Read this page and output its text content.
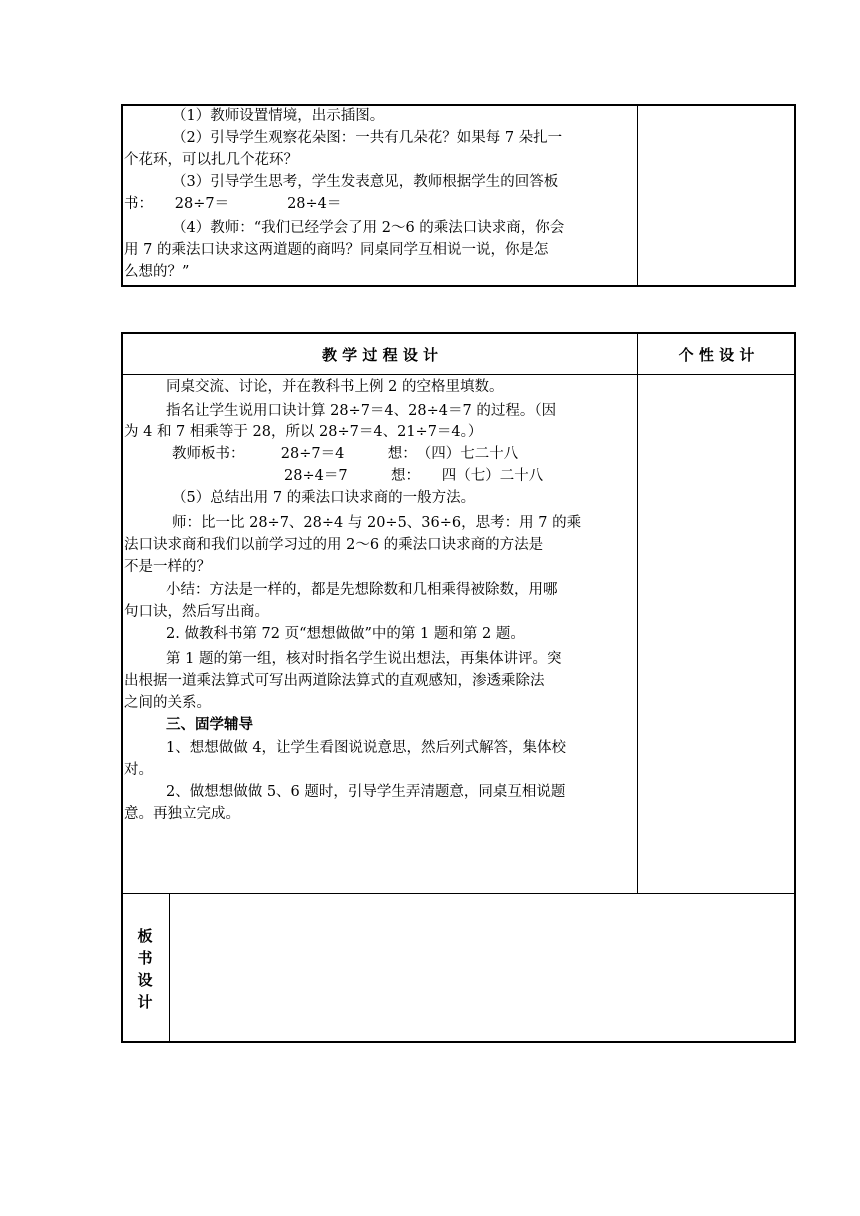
（1）教师设置情境，出示插图。
（2）引导学生观察花朵图：一共有几朵花？如果每 7 朵扎一
个花环，可以扎几个花环？
（3）引导学生思考，学生发表意见，教师根据学生的回答板
书：　　28÷7＝　　　　28÷4＝
（4）教师：“我们已经学会了用 2～6 的乘法口诀求商，你会
用 7 的乘法口诀求这两道题的商吗？同桌同学互相说一说，你是怎
么想的？”
教 学 过 程 设 计	个 性 设 计
同桌交流、讨论，并在教科书上例 2 的空格里填数。
指名让学生说用口诀计算 28÷7＝4、28÷4＝7 的过程。（因
为 4 和 7 相乘等于 28，所以 28÷7＝4、21÷7＝4。）
教师板书：　　　28÷7＝4　　　想：　（四）七二十八
28÷4＝7　　　想：　　四（七）二十八
（5）总结出用 7 的乘法口诀求商的一般方法。
师：比一比 28÷7、28÷4 与 20÷5、36÷6，思考：用 7 的乘
法口诀求商和我们以前学习过的用 2～6 的乘法口诀求商的方法是
不是一样的？
小结：方法是一样的，都是先想除数和几相乘得被除数，用哪
句口诀，然后写出商。
2. 做教科书第 72 页“想想做做”中的第 1 题和第 2 题。
第 1 题的第一组，核对时指名学生说出想法，再集体讲评。突
出根据一道乘法算式可写出两道除法算式的直观感知，渗透乘除法
三、固学辅导
之间的关系。
1、想想做做 4，让学生看图说说意思，然后列式解答，集体校
对。
2、做想想做做 5、6 题时，引导学生弄清题意，同桌互相说题
意。再独立完成。
板
书
设
计
